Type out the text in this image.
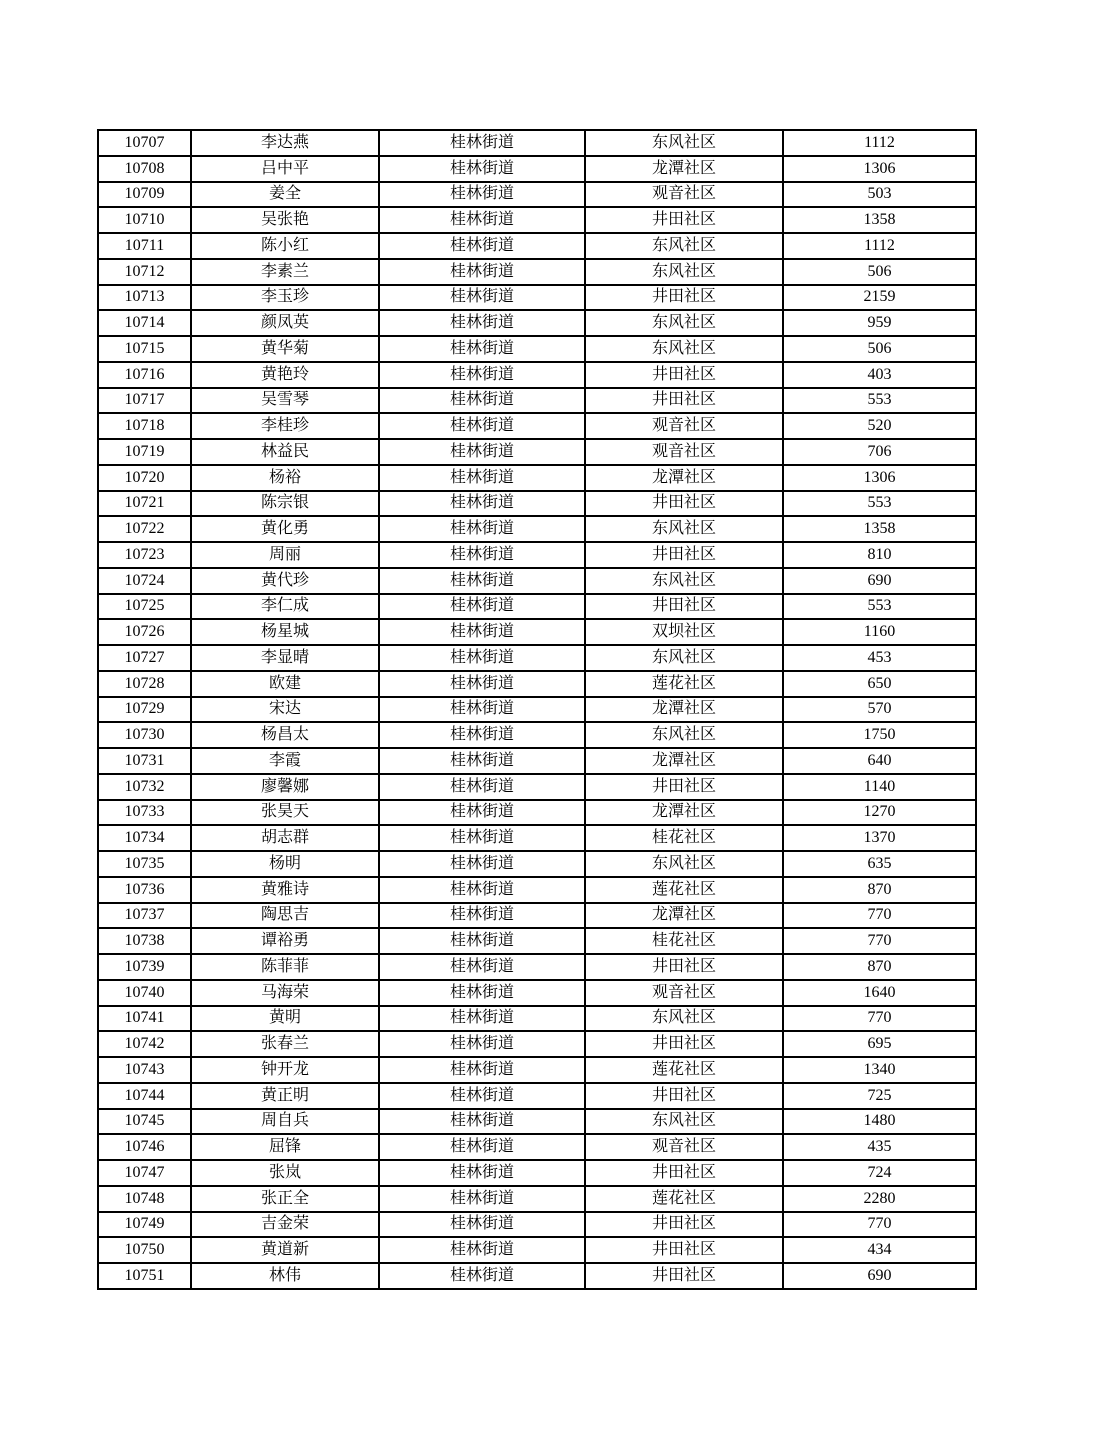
10707	李达燕	桂林街道	东风社区	1112
10708	吕中平	桂林街道	龙潭社区	1306
10709	姜全	桂林街道	观音社区	503
10710	吴张艳	桂林街道	井田社区	1358
10711	陈小红	桂林街道	东风社区	1112
10712	李素兰	桂林街道	东风社区	506
10713	李玉珍	桂林街道	井田社区	2159
10714	颜凤英	桂林街道	东风社区	959
10715	黄华菊	桂林街道	东风社区	506
10716	黄艳玲	桂林街道	井田社区	403
10717	吴雪琴	桂林街道	井田社区	553
10718	李桂珍	桂林街道	观音社区	520
10719	林益民	桂林街道	观音社区	706
10720	杨裕	桂林街道	龙潭社区	1306
10721	陈宗银	桂林街道	井田社区	553
10722	黄化勇	桂林街道	东风社区	1358
10723	周丽	桂林街道	井田社区	810
10724	黄代珍	桂林街道	东风社区	690
10725	李仁成	桂林街道	井田社区	553
10726	杨星城	桂林街道	双坝社区	1160
10727	李显晴	桂林街道	东风社区	453
10728	欧建	桂林街道	莲花社区	650
10729	宋达	桂林街道	龙潭社区	570
10730	杨昌太	桂林街道	东风社区	1750
10731	李霞	桂林街道	龙潭社区	640
10732	廖馨娜	桂林街道	井田社区	1140
10733	张昊天	桂林街道	龙潭社区	1270
10734	胡志群	桂林街道	桂花社区	1370
10735	杨明	桂林街道	东风社区	635
10736	黄雅诗	桂林街道	莲花社区	870
10737	陶思吉	桂林街道	龙潭社区	770
10738	谭裕勇	桂林街道	桂花社区	770
10739	陈菲菲	桂林街道	井田社区	870
10740	马海荣	桂林街道	观音社区	1640
10741	黄明	桂林街道	东风社区	770
10742	张春兰	桂林街道	井田社区	695
10743	钟开龙	桂林街道	莲花社区	1340
10744	黄正明	桂林街道	井田社区	725
10745	周自兵	桂林街道	东风社区	1480
10746	屈锋	桂林街道	观音社区	435
10747	张岚	桂林街道	井田社区	724
10748	张正全	桂林街道	莲花社区	2280
10749	吉金荣	桂林街道	井田社区	770
10750	黄道新	桂林街道	井田社区	434
10751	林伟	桂林街道	井田社区	690
